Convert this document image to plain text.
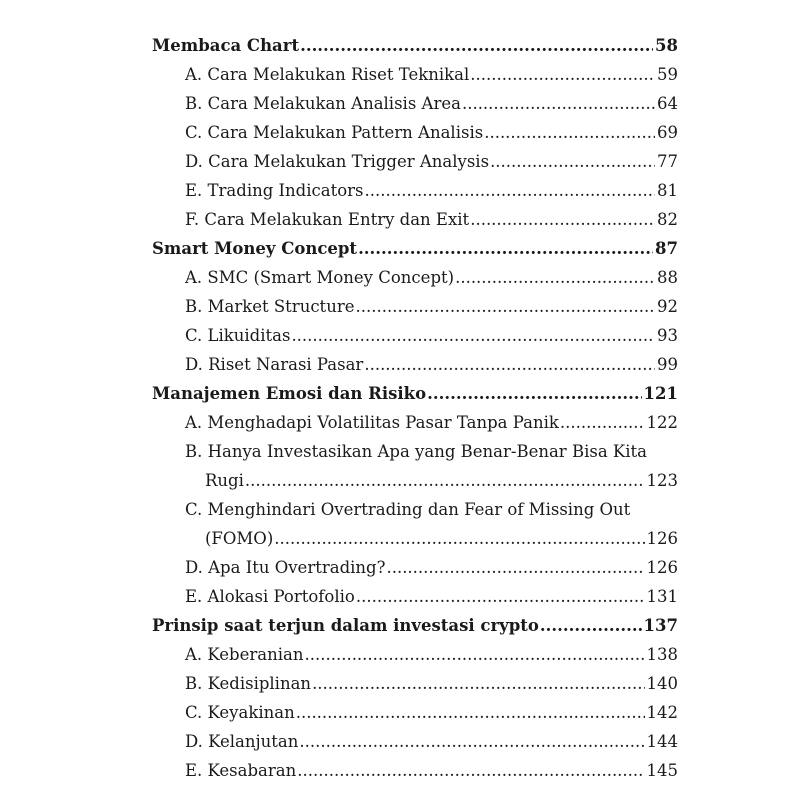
Membaca Chart .....	58
A. Cara Melakukan Riset Teknikal .....	59
B. Cara Melakukan Analisis Area .....	64
C. Cara Melakukan Pattern Analisis .....	69
D. Cara Melakukan Trigger Analysis .....	77
E. Trading Indicators .....	81
F. Cara Melakukan Entry dan Exit .....	82
Smart Money Concept .....	87
A. SMC (Smart Money Concept) .....	88
B. Market Structure .....	92
C. Likuiditas .....	93
D. Riset Narasi Pasar .....	99
Manajemen Emosi dan Risiko .....	121
A. Menghadapi Volatilitas Pasar Tanpa Panik .....	122
B. Hanya Investasikan Apa yang Benar-Benar Bisa Kita
Rugi .....	123
C. Menghindari Overtrading dan Fear of Missing Out
(FOMO) .....	126
D. Apa Itu Overtrading? .....	126
E. Alokasi Portofolio .....	131
Prinsip saat terjun dalam investasi crypto .....	137
A. Keberanian .....	138
B. Kedisiplinan .....	140
C. Keyakinan .....	142
D. Kelanjutan .....	144
E. Kesabaran .....	145
